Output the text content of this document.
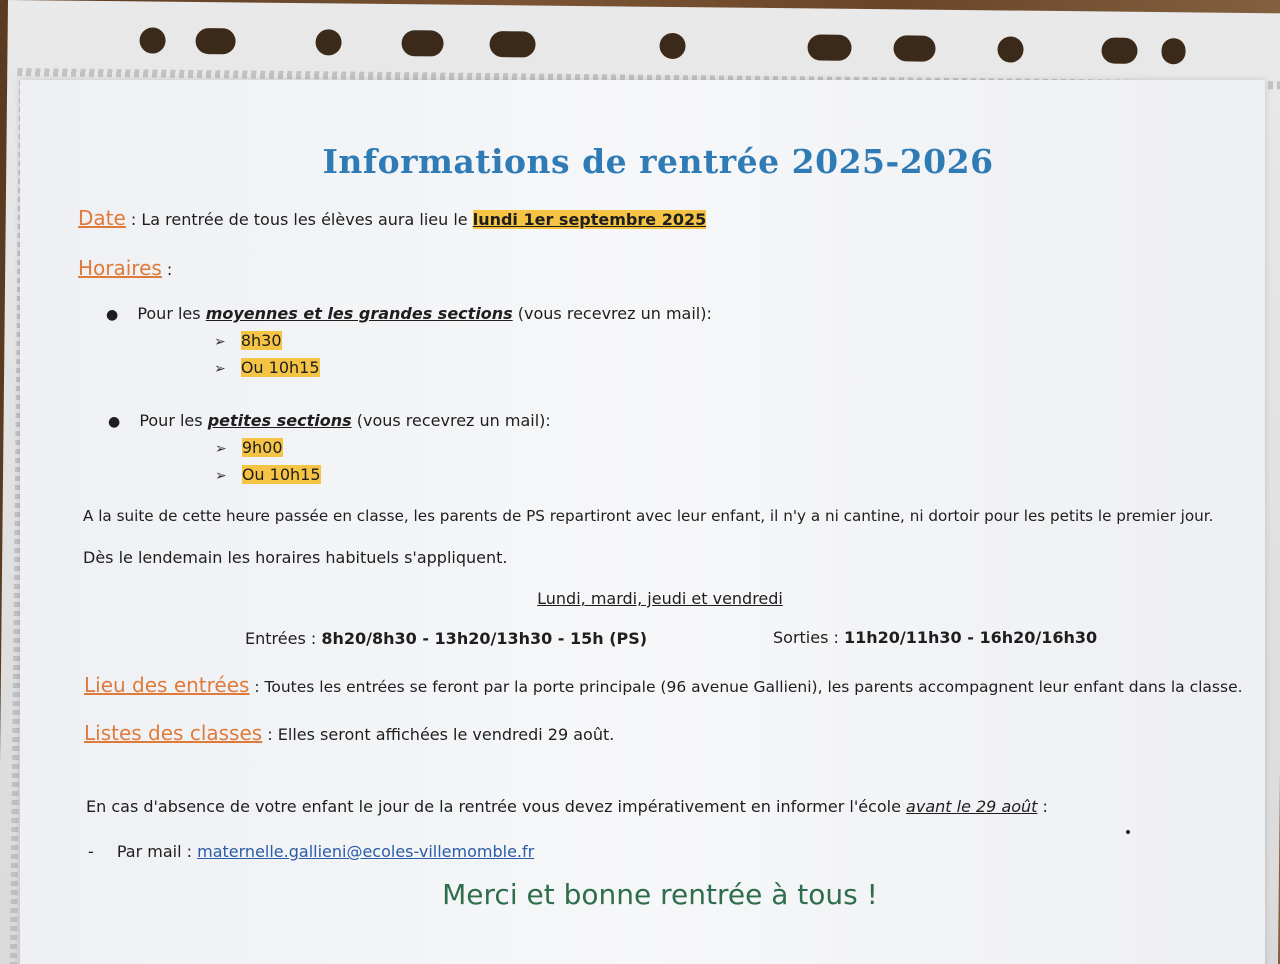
Informations de rentrée 2025-2026
Date : La rentrée de tous les élèves aura lieu le lundi 1er septembre 2025
Horaires :
● Pour les moyennes et les grandes sections (vous recevrez un mail):
➢ 8h30
➢ Ou 10h15
● Pour les petites sections (vous recevrez un mail):
➢ 9h00
➢ Ou 10h15
A la suite de cette heure passée en classe, les parents de PS repartiront avec leur enfant, il n'y a ni cantine, ni dortoir pour les petits le premier jour.
Dès le lendemain les horaires habituels s'appliquent.
Lundi, mardi, jeudi et vendredi
Entrées : 8h20/8h30 - 13h20/13h30 - 15h (PS)	Sorties : 11h20/11h30 - 16h20/16h30
Lieu des entrées : Toutes les entrées se feront par la porte principale (96 avenue Gallieni), les parents accompagnent leur enfant dans la classe.
Listes des classes : Elles seront affichées le vendredi 29 août.
En cas d'absence de votre enfant le jour de la rentrée vous devez impérativement en informer l'école avant le 29 août :
- Par mail : maternelle.gallieni@ecoles-villemomble.fr
Merci et bonne rentrée à tous !
